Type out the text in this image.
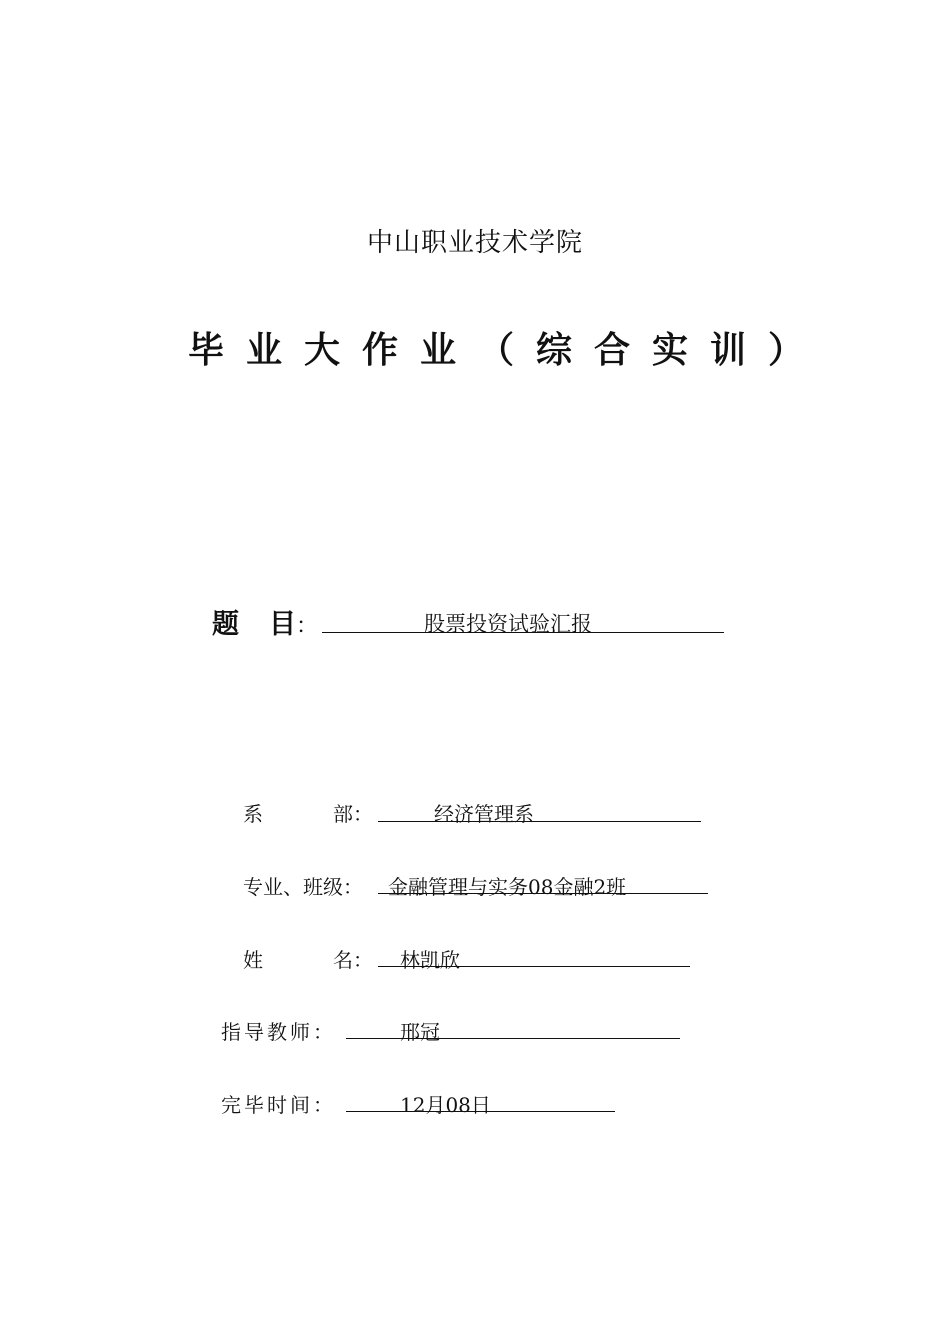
中山职业技术学院
毕业大作业（综合实训）
题 目：	股票投资试验汇报
系	部：	经济管理系
专业、班级： 金融管理与实务08金融2班
姓	名： 林凯欣
指导教师：	邢冠
完毕时间：	12月08日
